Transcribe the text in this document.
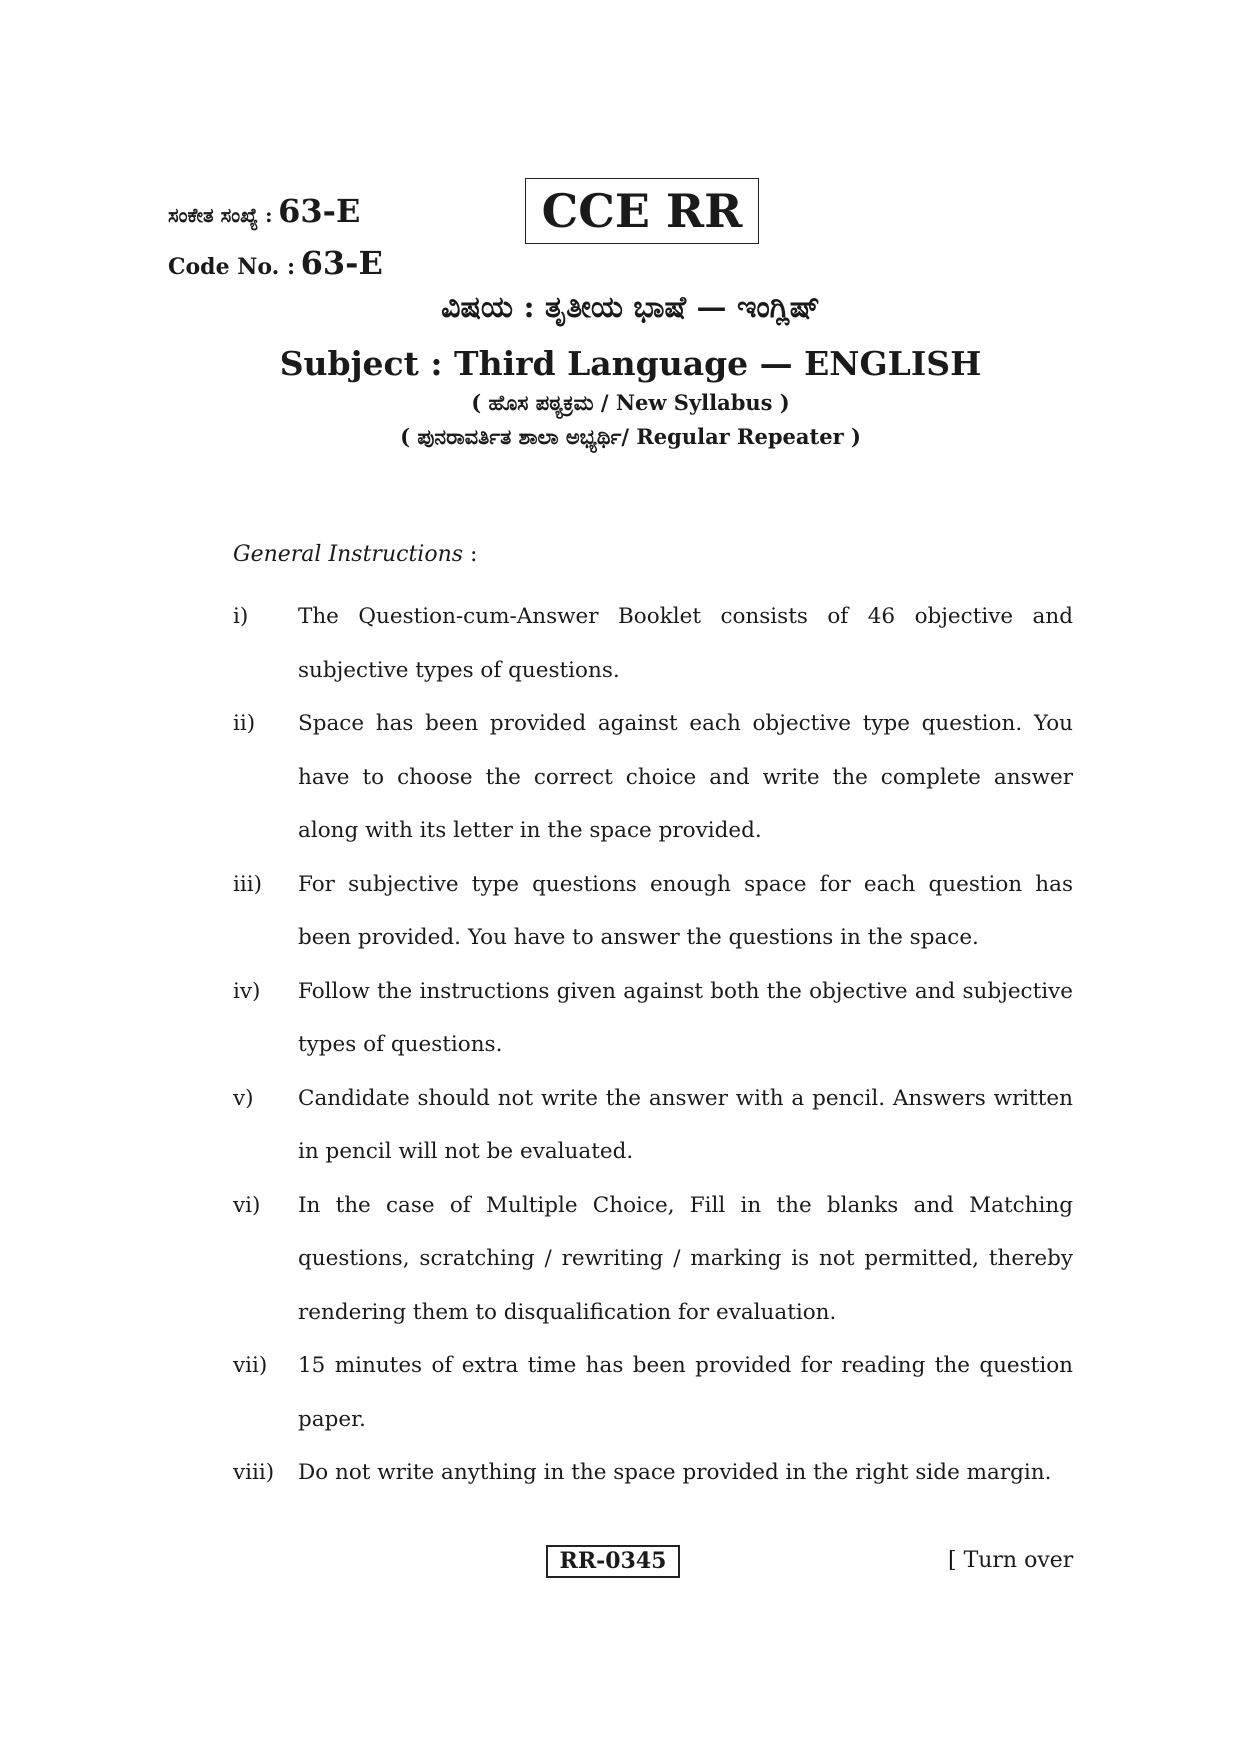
ಸಂಕೇತ ಸಂಖ್ಯೆ : 63-E
Code No. : 63-E
CCE RR
ವಿಷಯ : ತೃತೀಯ ಭಾಷೆ — ಇಂಗ್ಲಿಷ್
Subject : Third Language — ENGLISH
( ಹೊಸ ಪಠ್ಯಕ್ರಮ / New Syllabus )
( ಪುನರಾವರ್ತಿತ ಶಾಲಾ ಅಭ್ಯರ್ಥಿ/ Regular Repeater )
General Instructions :
i) The Question-cum-Answer Booklet consists of 46 objective and subjective types of questions.
ii) Space has been provided against each objective type question. You have to choose the correct choice and write the complete answer along with its letter in the space provided.
iii) For subjective type questions enough space for each question has been provided. You have to answer the questions in the space.
iv) Follow the instructions given against both the objective and subjective types of questions.
v) Candidate should not write the answer with a pencil. Answers written in pencil will not be evaluated.
vi) In the case of Multiple Choice, Fill in the blanks and Matching questions, scratching / rewriting / marking is not permitted, thereby rendering them to disqualification for evaluation.
vii) 15 minutes of extra time has been provided for reading the question paper.
viii) Do not write anything in the space provided in the right side margin.
RR-0345	[ Turn over
